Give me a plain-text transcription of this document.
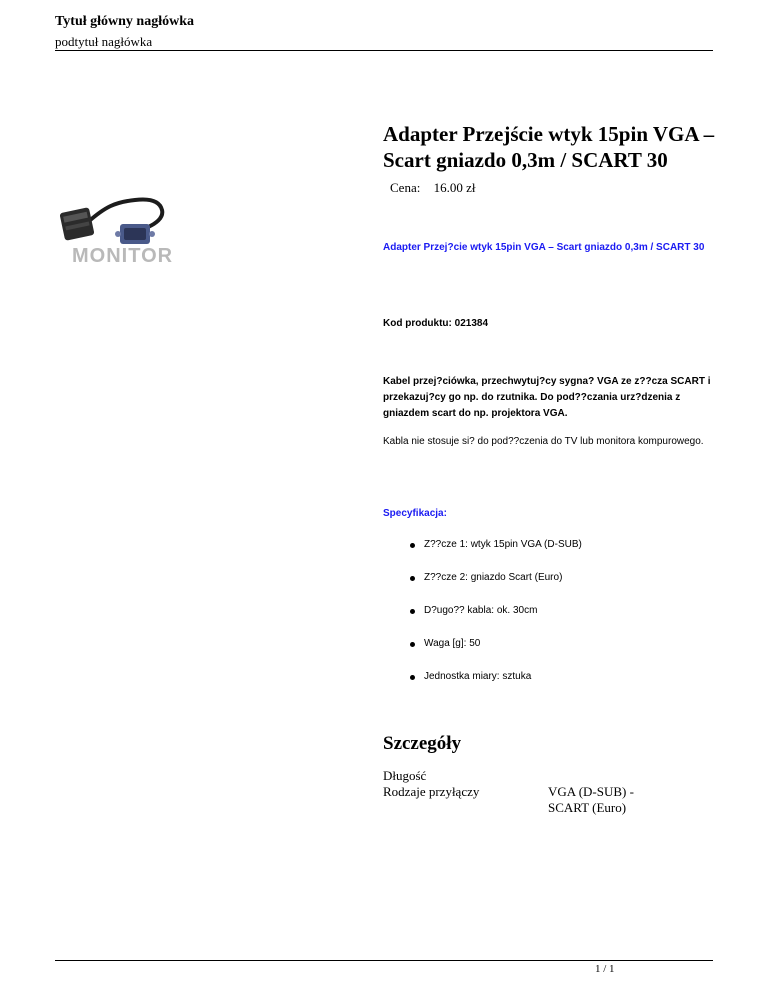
Tytuł główny nagłówka
podtytuł nagłówka
MONITOR
Adapter Przejście wtyk 15pin VGA – Scart gniazdo 0,3m / SCART 30
Cena: 16.00 zł
Adapter Przej?cie wtyk 15pin VGA – Scart gniazdo 0,3m / SCART 30
Kod produktu: 021384
Kabel przej?ciówka, przechwytuj?cy sygna? VGA ze z??cza SCART i przekazuj?cy go np. do rzutnika. Do pod??czania urz?dzenia z gniazdem scart do np. projektora VGA.
Kabla nie stosuje si? do pod??czenia do TV lub monitora kompurowego.
Specyfikacja:
Z??cze 1: wtyk 15pin VGA (D-SUB)
Z??cze 2: gniazdo Scart (Euro)
D?ugo?? kabla: ok. 30cm
Waga [g]: 50
Jednostka miary: sztuka
Szczegóły
Długość
Rodzaje przyłączy	VGA (D-SUB) - SCART (Euro)
1 / 1
